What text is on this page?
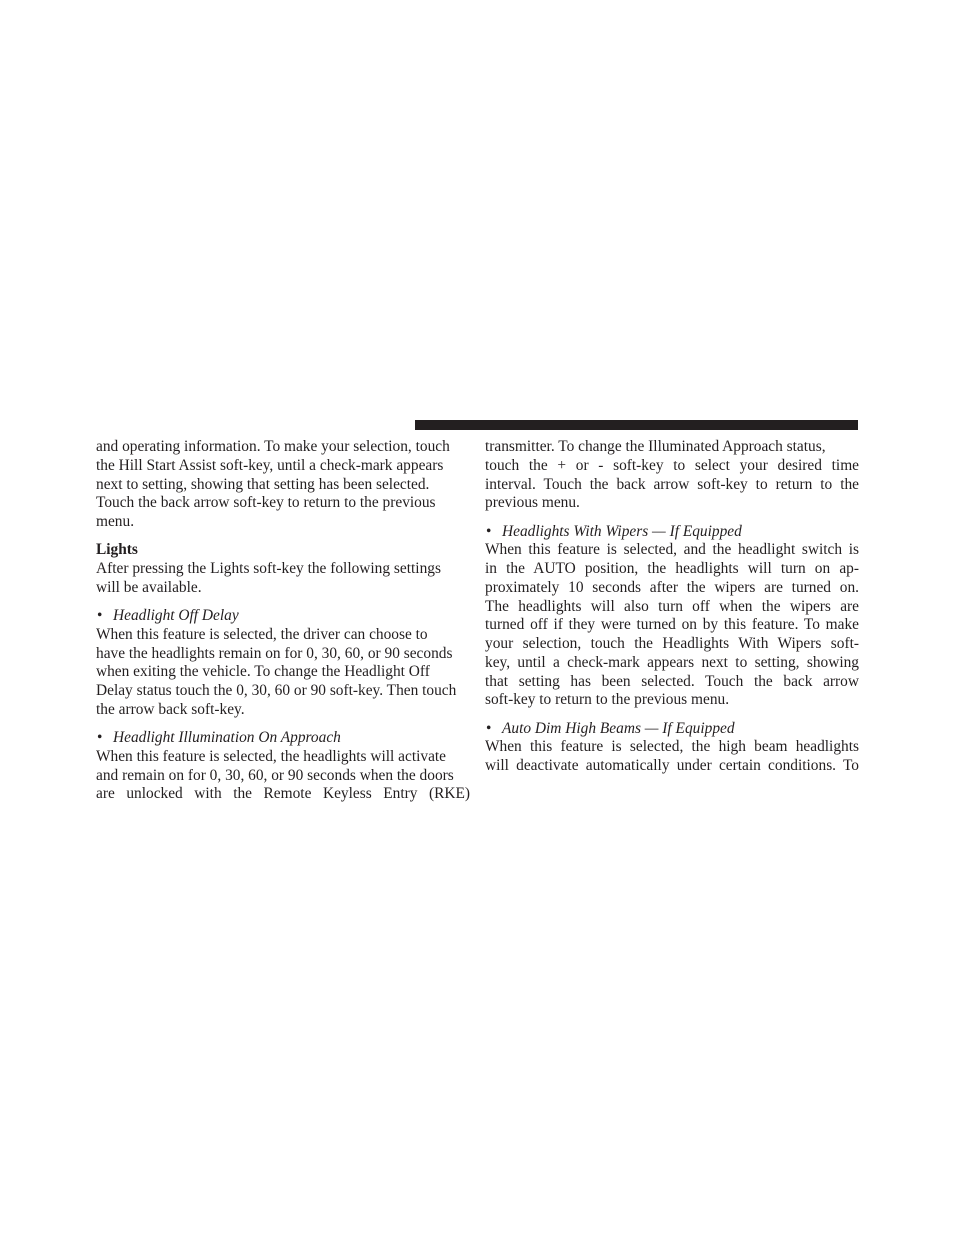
and operating information. To make your selection, touch

the Hill Start Assist soft-key, until a check-mark appears

next to setting, showing that setting has been selected.

Touch the back arrow soft-key to return to the previous

menu.

Lights

After pressing the Lights soft-key the following settings

will be available.

• Headlight Off Delay

When this feature is selected, the driver can choose to

have the headlights remain on for 0, 30, 60, or 90 seconds

when exiting the vehicle. To change the Headlight Off

Delay status touch the 0, 30, 60 or 90 soft-key. Then touch

the arrow back soft-key.

• Headlight Illumination On Approach

When this feature is selected, the headlights will activate

and remain on for 0, 30, 60, or 90 seconds when the doors

are unlocked with the Remote Keyless Entry (RKE)

transmitter. To change the Illuminated Approach status,

touch the + or - soft-key to select your desired time

interval. Touch the back arrow soft-key to return to the

previous menu.

• Headlights With Wipers — If Equipped

When this feature is selected, and the headlight switch is

in the AUTO position, the headlights will turn on ap-

proximately 10 seconds after the wipers are turned on.

The headlights will also turn off when the wipers are

turned off if they were turned on by this feature. To make

your selection, touch the Headlights With Wipers soft-

key, until a check-mark appears next to setting, showing

that setting has been selected. Touch the back arrow

soft-key to return to the previous menu.

• Auto Dim High Beams — If Equipped

When this feature is selected, the high beam headlights

will deactivate automatically under certain conditions. To
